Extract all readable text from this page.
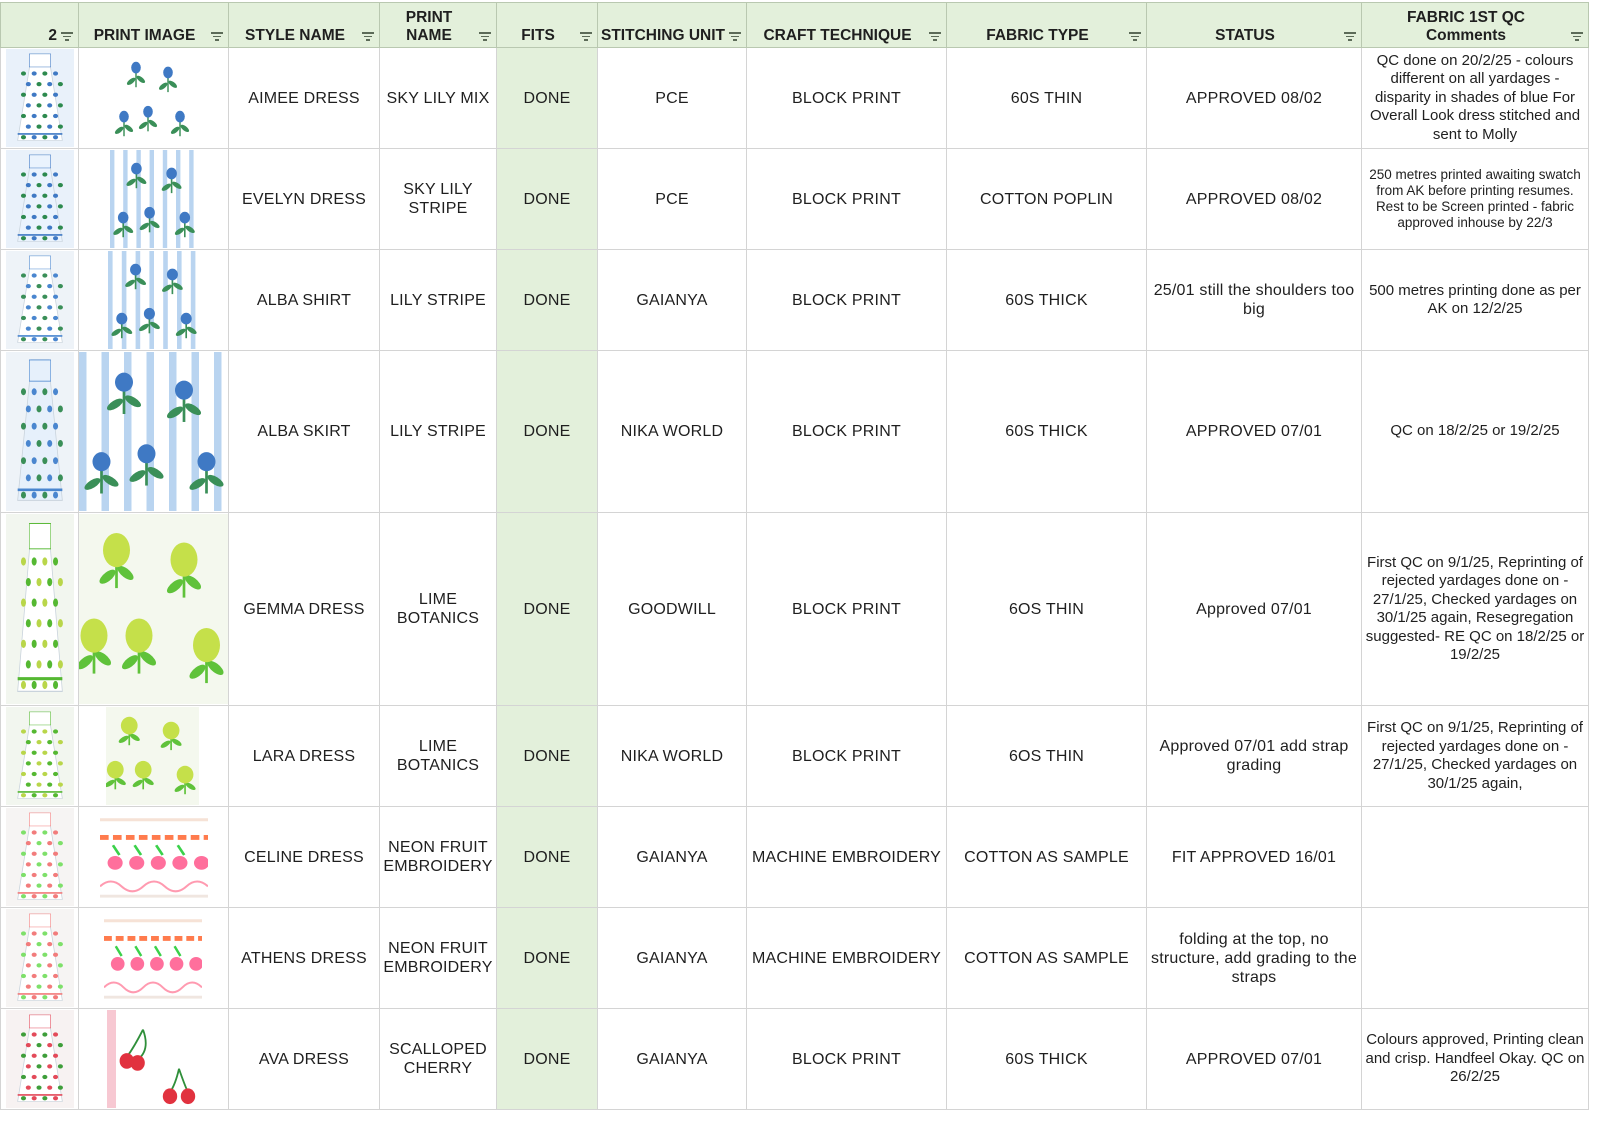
2	PRINT IMAGE	STYLE NAME	PRINT NAME	FITS	STITCHING UNIT	CRAFT TECHNIQUE	FABRIC TYPE	STATUS	FABRIC 1ST QC Comments

	AIMEE DRESS	SKY LILY MIX	DONE	PCE	BLOCK PRINT	60S THIN	APPROVED 08/02	QC done on 20/2/25 - colours different on all yardages - disparity in shades of blue For Overall Look dress stitched and sent to Molly

	EVELYN DRESS	SKY LILY STRIPE	DONE	PCE	BLOCK PRINT	COTTON POPLIN	APPROVED 08/02	250 metres printed awaiting swatch from AK before printing resumes. Rest to be Screen printed - fabric approved inhouse by 22/3

	ALBA SHIRT	LILY STRIPE	DONE	GAIANYA	BLOCK PRINT	60S THICK	25/01 still the shoulders too big	500 metres printing done as per AK on 12/2/25

	ALBA SKIRT	LILY STRIPE	DONE	NIKA WORLD	BLOCK PRINT	60S THICK	APPROVED 07/01	QC on 18/2/25 or 19/2/25

	GEMMA DRESS	LIME BOTANICS	DONE	GOODWILL	BLOCK PRINT	6OS THIN	Approved 07/01	First QC on 9/1/25, Reprinting of rejected yardages done on - 27/1/25, Checked yardages on 30/1/25 again, Resegregation suggested- RE QC on 18/2/25 or 19/2/25

	LARA DRESS	LIME BOTANICS	DONE	NIKA WORLD	BLOCK PRINT	6OS THIN	Approved 07/01 add strap grading	First QC on 9/1/25, Reprinting of rejected yardages done on - 27/1/25, Checked yardages on 30/1/25 again,

	CELINE DRESS	NEON FRUIT EMBROIDERY	DONE	GAIANYA	MACHINE EMBROIDERY	COTTON AS SAMPLE	FIT APPROVED 16/01	

	ATHENS DRESS	NEON FRUIT EMBROIDERY	DONE	GAIANYA	MACHINE EMBROIDERY	COTTON AS SAMPLE	folding at the top, no structure, add grading to the straps	

	AVA DRESS	SCALLOPED CHERRY	DONE	GAIANYA	BLOCK PRINT	60S THICK	APPROVED 07/01	Colours approved, Printing clean and crisp. Handfeel Okay. QC on 26/2/25
